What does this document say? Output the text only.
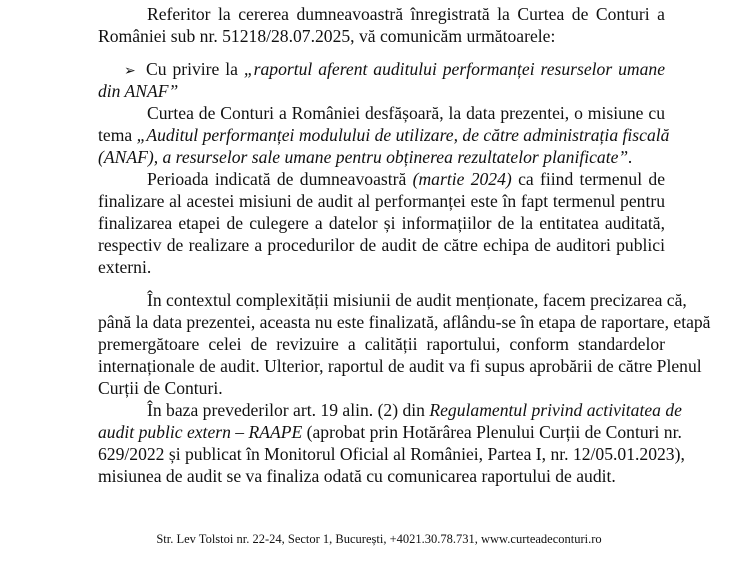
Referitor la cererea dumneavoastră înregistrată la Curtea de Conturi a
României sub nr. 51218/28.07.2025, vă comunicăm următoarele:
➢ Cu privire la „raportul aferent auditului performanței resurselor umane
din ANAF”
Curtea de Conturi a României desfășoară, la data prezentei, o misiune cu
tema „Auditul performanței modulului de utilizare, de către administrația fiscală
(ANAF), a resurselor sale umane pentru obținerea rezultatelor planificate”.
Perioada indicată de dumneavoastră (martie 2024) ca fiind termenul de
finalizare al acestei misiuni de audit al performanței este în fapt termenul pentru
finalizarea etapei de culegere a datelor și informațiilor de la entitatea auditată,
respectiv de realizare a procedurilor de audit de către echipa de auditori publici
externi.
În contextul complexității misiunii de audit menționate, facem precizarea că,
până la data prezentei, aceasta nu este finalizată, aflându-se în etapa de raportare, etapă
premergătoare celei de revizuire a calității raportului, conform standardelor
internaționale de audit. Ulterior, raportul de audit va fi supus aprobării de către Plenul
Curții de Conturi.
În baza prevederilor art. 19 alin. (2) din Regulamentul privind activitatea de
audit public extern – RAAPE (aprobat prin Hotărârea Plenului Curții de Conturi nr.
629/2022 și publicat în Monitorul Oficial al României, Partea I, nr. 12/05.01.2023),
misiunea de audit se va finaliza odată cu comunicarea raportului de audit.
Str. Lev Tolstoi nr. 22-24, Sector 1, București, +4021.30.78.731, www.curteadeconturi.ro
